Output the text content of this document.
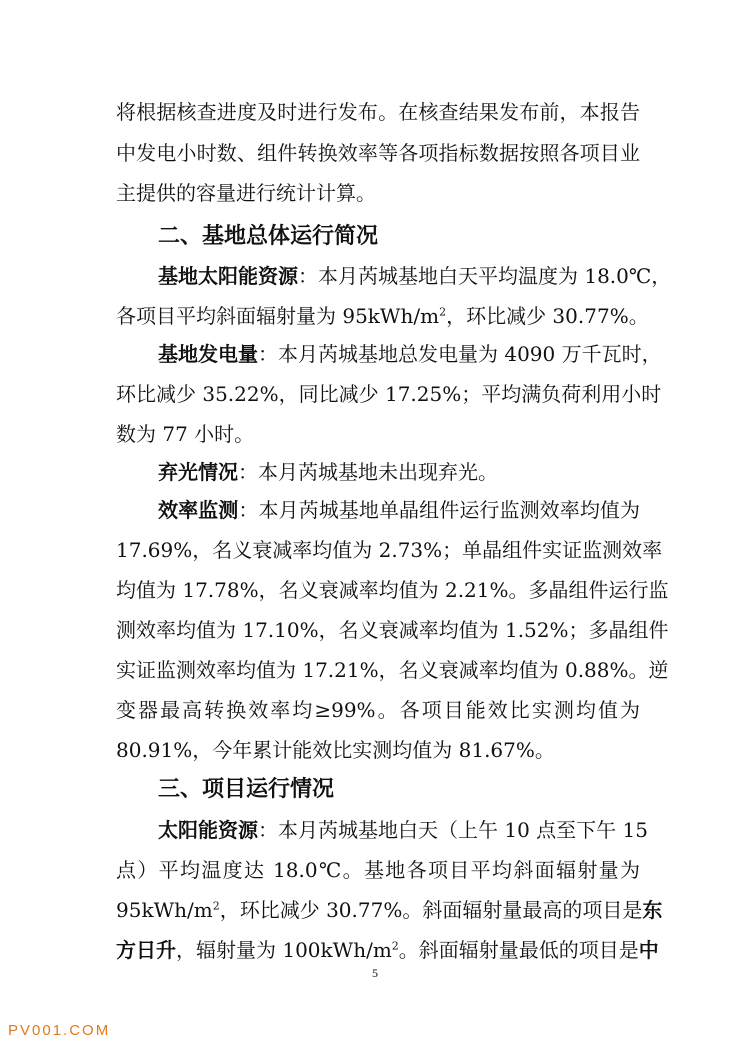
将根据核查进度及时进行发布。在核查结果发布前，本报告
中发电小时数、组件转换效率等各项指标数据按照各项目业
主提供的容量进行统计计算。
二、基地总体运行简况
基地太阳能资源：本月芮城基地白天平均温度为 18.0℃，
各项目平均斜面辐射量为 $95kWh/m^2$，环比减少 30.77%。
基地发电量：本月芮城基地总发电量为 4090 万千瓦时，
环比减少 35.22%，同比减少 17.25%；平均满负荷利用小时
数为 77 小时。
弃光情况：本月芮城基地未出现弃光。
效率监测：本月芮城基地单晶组件运行监测效率均值为
17.69%，名义衰减率均值为 2.73%；单晶组件实证监测效率
均值为 17.78%，名义衰减率均值为 2.21%。多晶组件运行监
测效率均值为 17.10%，名义衰减率均值为 1.52%；多晶组件
实证监测效率均值为 17.21%，名义衰减率均值为 0.88%。逆
变器最高转换效率均≥99%。各项目能效比实测均值为
80.91%，今年累计能效比实测均值为 81.67%。
三、项目运行情况
太阳能资源：本月芮城基地白天（上午 10 点至下午 15
点）平均温度达 18.0℃。基地各项目平均斜面辐射量为
$95kWh/m^2$，环比减少 30.77%。斜面辐射量最高的项目是东
方日升，辐射量为 $100kWh/m^2$。斜面辐射量最低的项目是中
5
PV001.COM
